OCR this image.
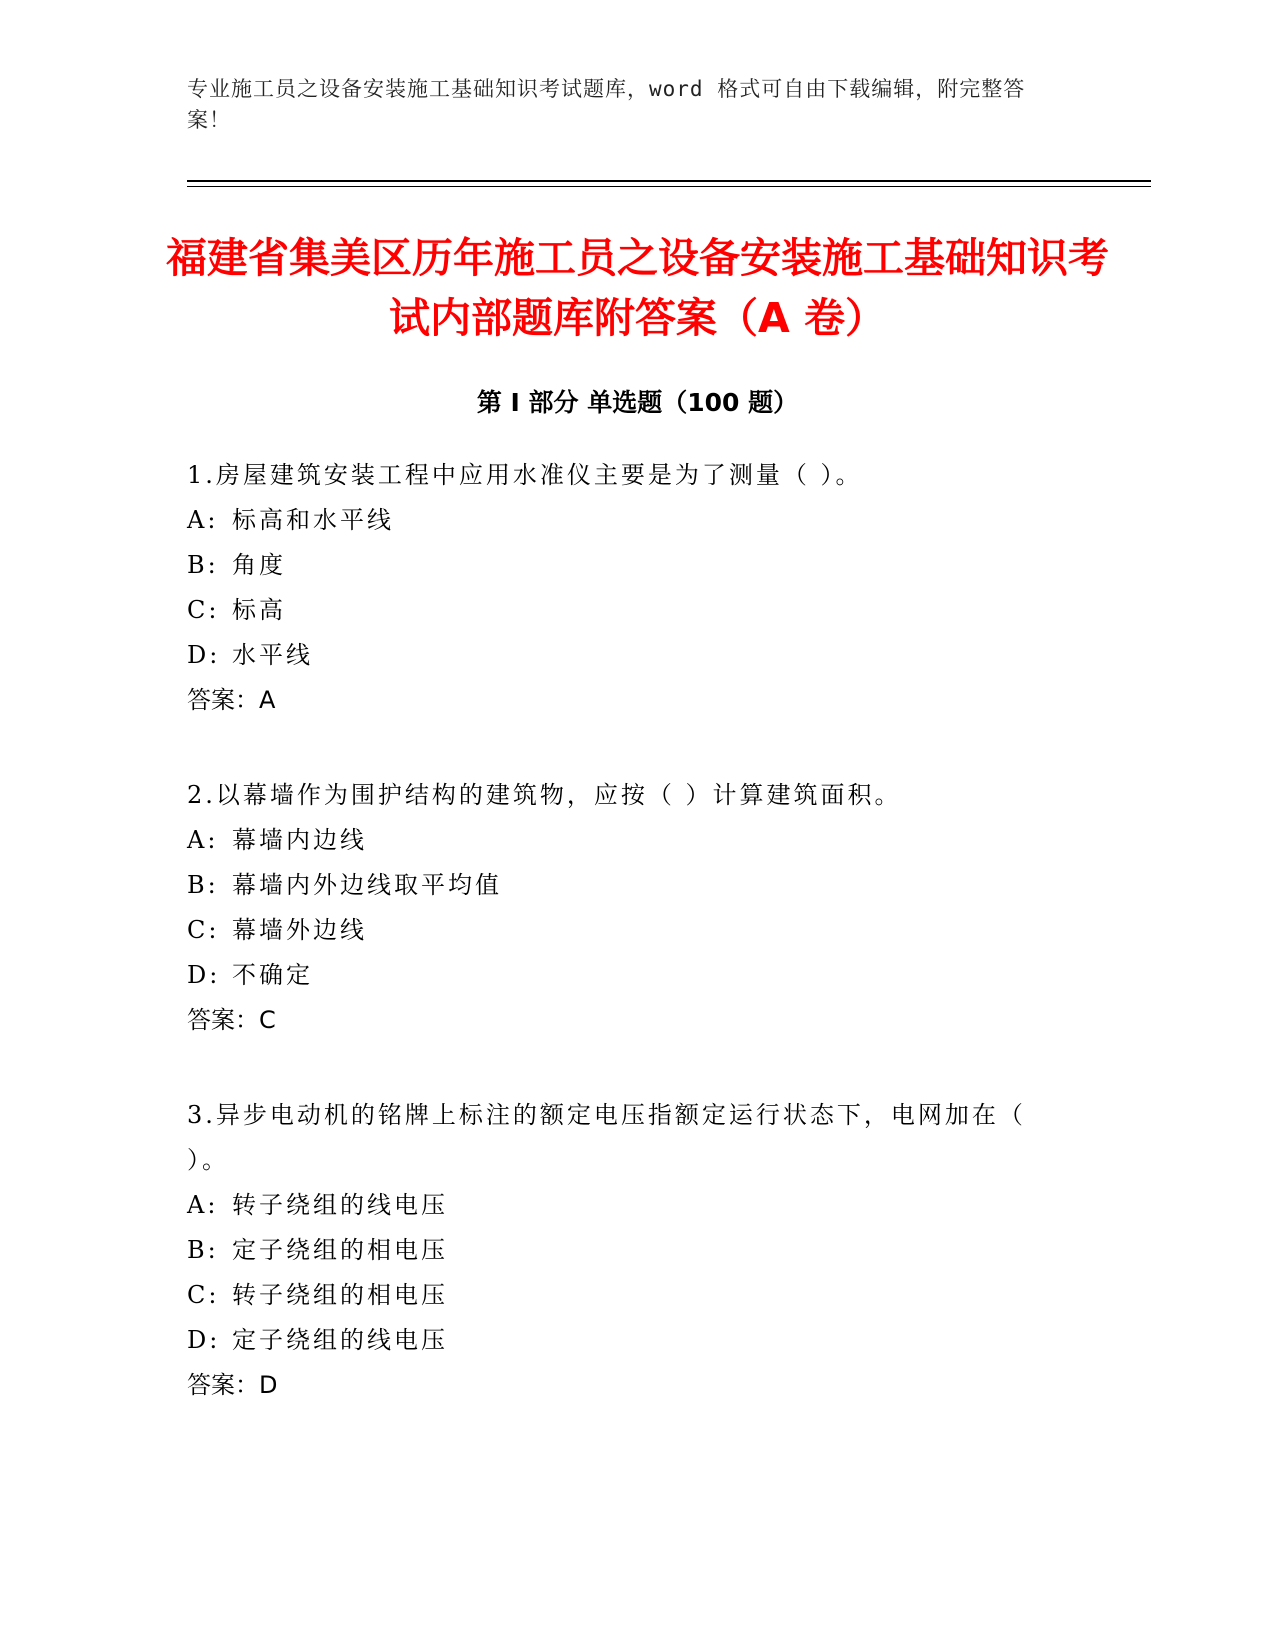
专业施工员之设备安装施工基础知识考试题库，word 格式可自由下载编辑，附完整答案！
福建省集美区历年施工员之设备安装施工基础知识考试内部题库附答案（A 卷）
第 I 部分 单选题（100 题）

1.房屋建筑安装工程中应用水准仪主要是为了测量（ ）。

A: 标高和水平线

B: 角度

C: 标高

D: 水平线

答案：A

2.以幕墙作为围护结构的建筑物，应按（ ）计算建筑面积。

A: 幕墙内边线

B: 幕墙内外边线取平均值

C: 幕墙外边线

D: 不确定

答案：C

3.异步电动机的铭牌上标注的额定电压指额定运行状态下，电网加在（ ）。

A: 转子绕组的线电压

B: 定子绕组的相电压

C: 转子绕组的相电压

D: 定子绕组的线电压

答案：D
